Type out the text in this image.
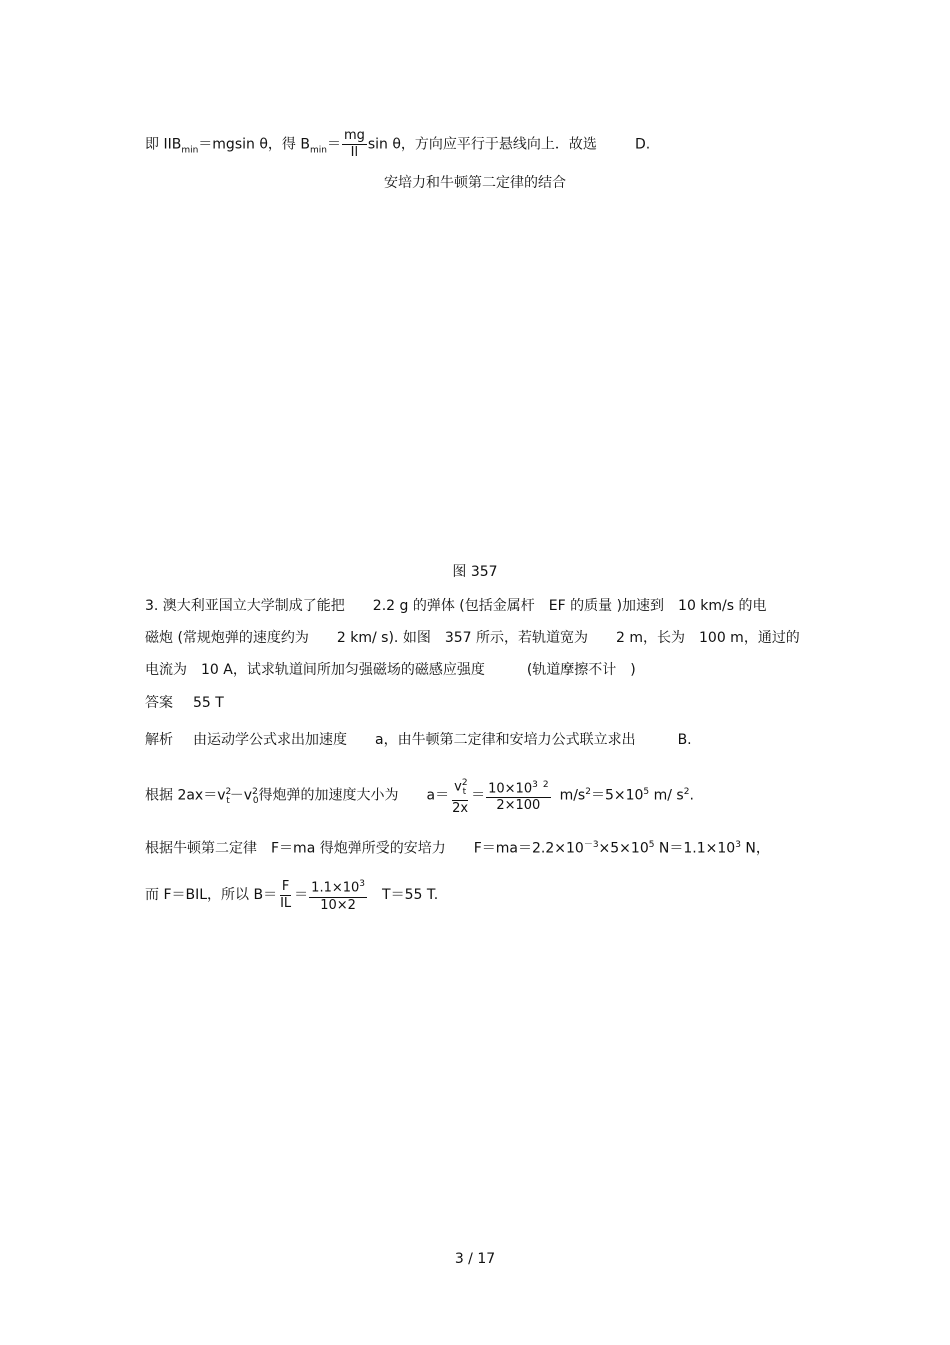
即 $IIB_{min}=mgsin$ θ，得 $B_{min}= \frac{mg}{Il}$ sin θ，方向应平行于悬线向上．故选	D.
安培力和牛顿第二定律的结合
图 357
3. 澳大利亚国立大学制成了能把　　2.2 g 的弹体 (包括金属杆　EF 的质量 )加速到　10 km/s 的电
磁炮 (常规炮弹的速度约为　　2 km/ s). 如图　357 所示，若轨道宽为　　2 m，长为　100 m，通过的
电流为　10 A，试求轨道间所加匀强磁场的磁感应强度　　　(轨道摩擦不计　)
答案 55 T
解析 由运动学公式求出加速度　　a，由牛顿第二定律和安培力公式联立求出　　　B.
根据 $2ax=v^2_t-v^2_0$得炮弹的加速度大小为　　$a= \frac{v^2_t}{2x} = \frac{10\times 10^3 ^2}{2\times 100} m/s^2=5\times 10^5$ m/ $s^2$.
根据牛顿第二定律　F＝ma 得炮弹所受的安培力　　$F=ma=2.2\times 10^{-3}\times 5\times 10^5$ $N=1.1\times 10^3$ N，
而 F＝BIL，所以 $B= \frac{F}{IL} = \frac{1.1\times 10^3}{10\times 2} T=55$ T.
3 / 17
